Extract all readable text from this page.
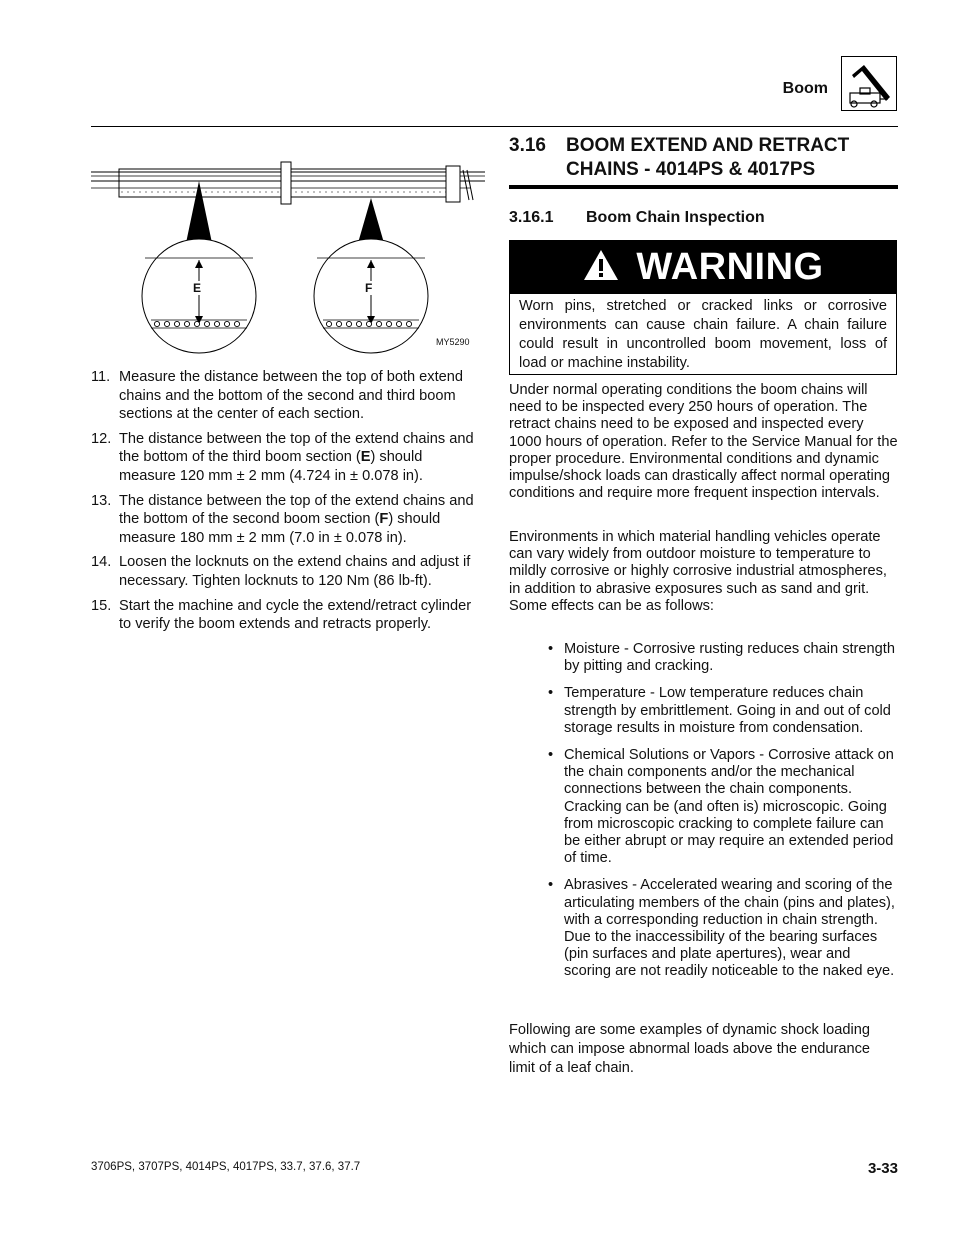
Boom
E	F
MY5290
11. Measure the distance between the top of both extend chains and the bottom of the second and third boom sections at the center of each section.
12. The distance between the top of the extend chains and the bottom of the third boom section (E) should measure 120 mm ± 2 mm (4.724 in ± 0.078 in).
13. The distance between the top of the extend chains and the bottom of the second boom section (F) should measure 180 mm ± 2 mm (7.0 in ± 0.078 in).
14. Loosen the locknuts on the extend chains and adjust if necessary. Tighten locknuts to 120 Nm (86 lb-ft).
15. Start the machine and cycle the extend/retract cylinder to verify the boom extends and retracts properly.
3.16 BOOM EXTEND AND RETRACT CHAINS - 4014PS & 4017PS
3.16.1 Boom Chain Inspection
WARNING
Worn pins, stretched or cracked links or corrosive environments can cause chain failure. A chain failure could result in uncontrolled boom movement, loss of load or machine instability.

Under normal operating conditions the boom chains will need to be inspected every 250 hours of operation. The retract chains need to be exposed and inspected every 1000 hours of operation. Refer to the Service Manual for the proper procedure. Environmental conditions and dynamic impulse/shock loads can drastically affect normal operating conditions and require more frequent inspection intervals.

Environments in which material handling vehicles operate can vary widely from outdoor moisture to temperature to mildly corrosive or highly corrosive industrial atmospheres, in addition to abrasive exposures such as sand and grit. Some effects can be as follows:

• Moisture - Corrosive rusting reduces chain strength by pitting and cracking.
• Temperature - Low temperature reduces chain strength by embrittlement. Going in and out of cold storage results in moisture from condensation.
• Chemical Solutions or Vapors - Corrosive attack on the chain components and/or the mechanical connections between the chain components. Cracking can be (and often is) microscopic. Going from microscopic cracking to complete failure can be either abrupt or may require an extended period of time.
• Abrasives - Accelerated wearing and scoring of the articulating members of the chain (pins and plates), with a corresponding reduction in chain strength. Due to the inaccessibility of the bearing surfaces (pin surfaces and plate apertures), wear and scoring are not readily noticeable to the naked eye.

Following are some examples of dynamic shock loading which can impose abnormal loads above the endurance limit of a leaf chain.

3706PS, 3707PS, 4014PS, 4017PS, 33.7, 37.6, 37.7	3-33
